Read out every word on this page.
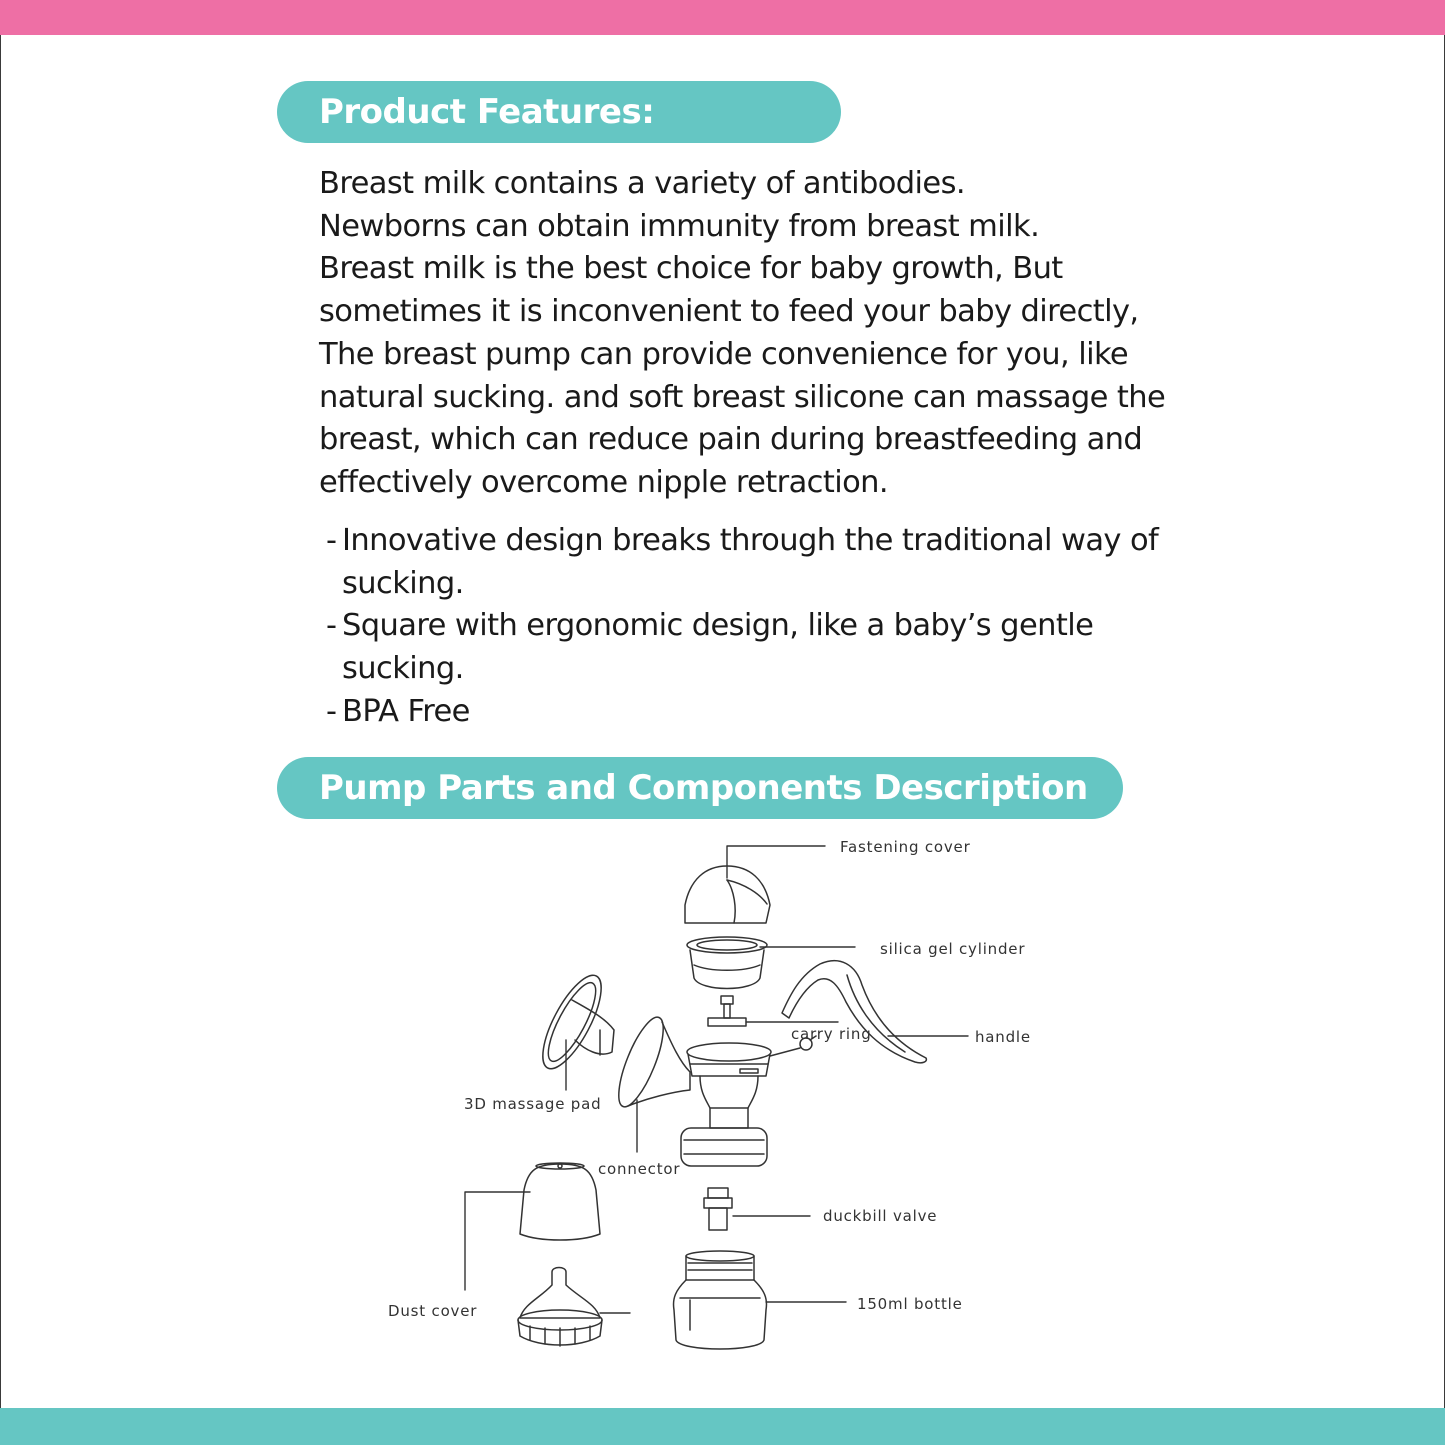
Product Features:
Breast milk contains a variety of antibodies.
Newborns can obtain immunity from breast milk.
Breast milk is the best choice for baby growth, But
sometimes it is inconvenient to feed your baby directly,
The breast pump can provide convenience for you, like
natural sucking. and soft breast silicone can massage the
breast, which can reduce pain during breastfeeding and
effectively overcome nipple retraction.
- Innovative design breaks through the traditional way of
sucking.
- Square with ergonomic design, like a baby’s gentle
sucking.
- BPA Free
Pump Parts and Components Description
Fastening cover
silica gel cylinder
carry ring	handle
3D massage pad
connector
duckbill valve
Dust cover	150ml bottle
